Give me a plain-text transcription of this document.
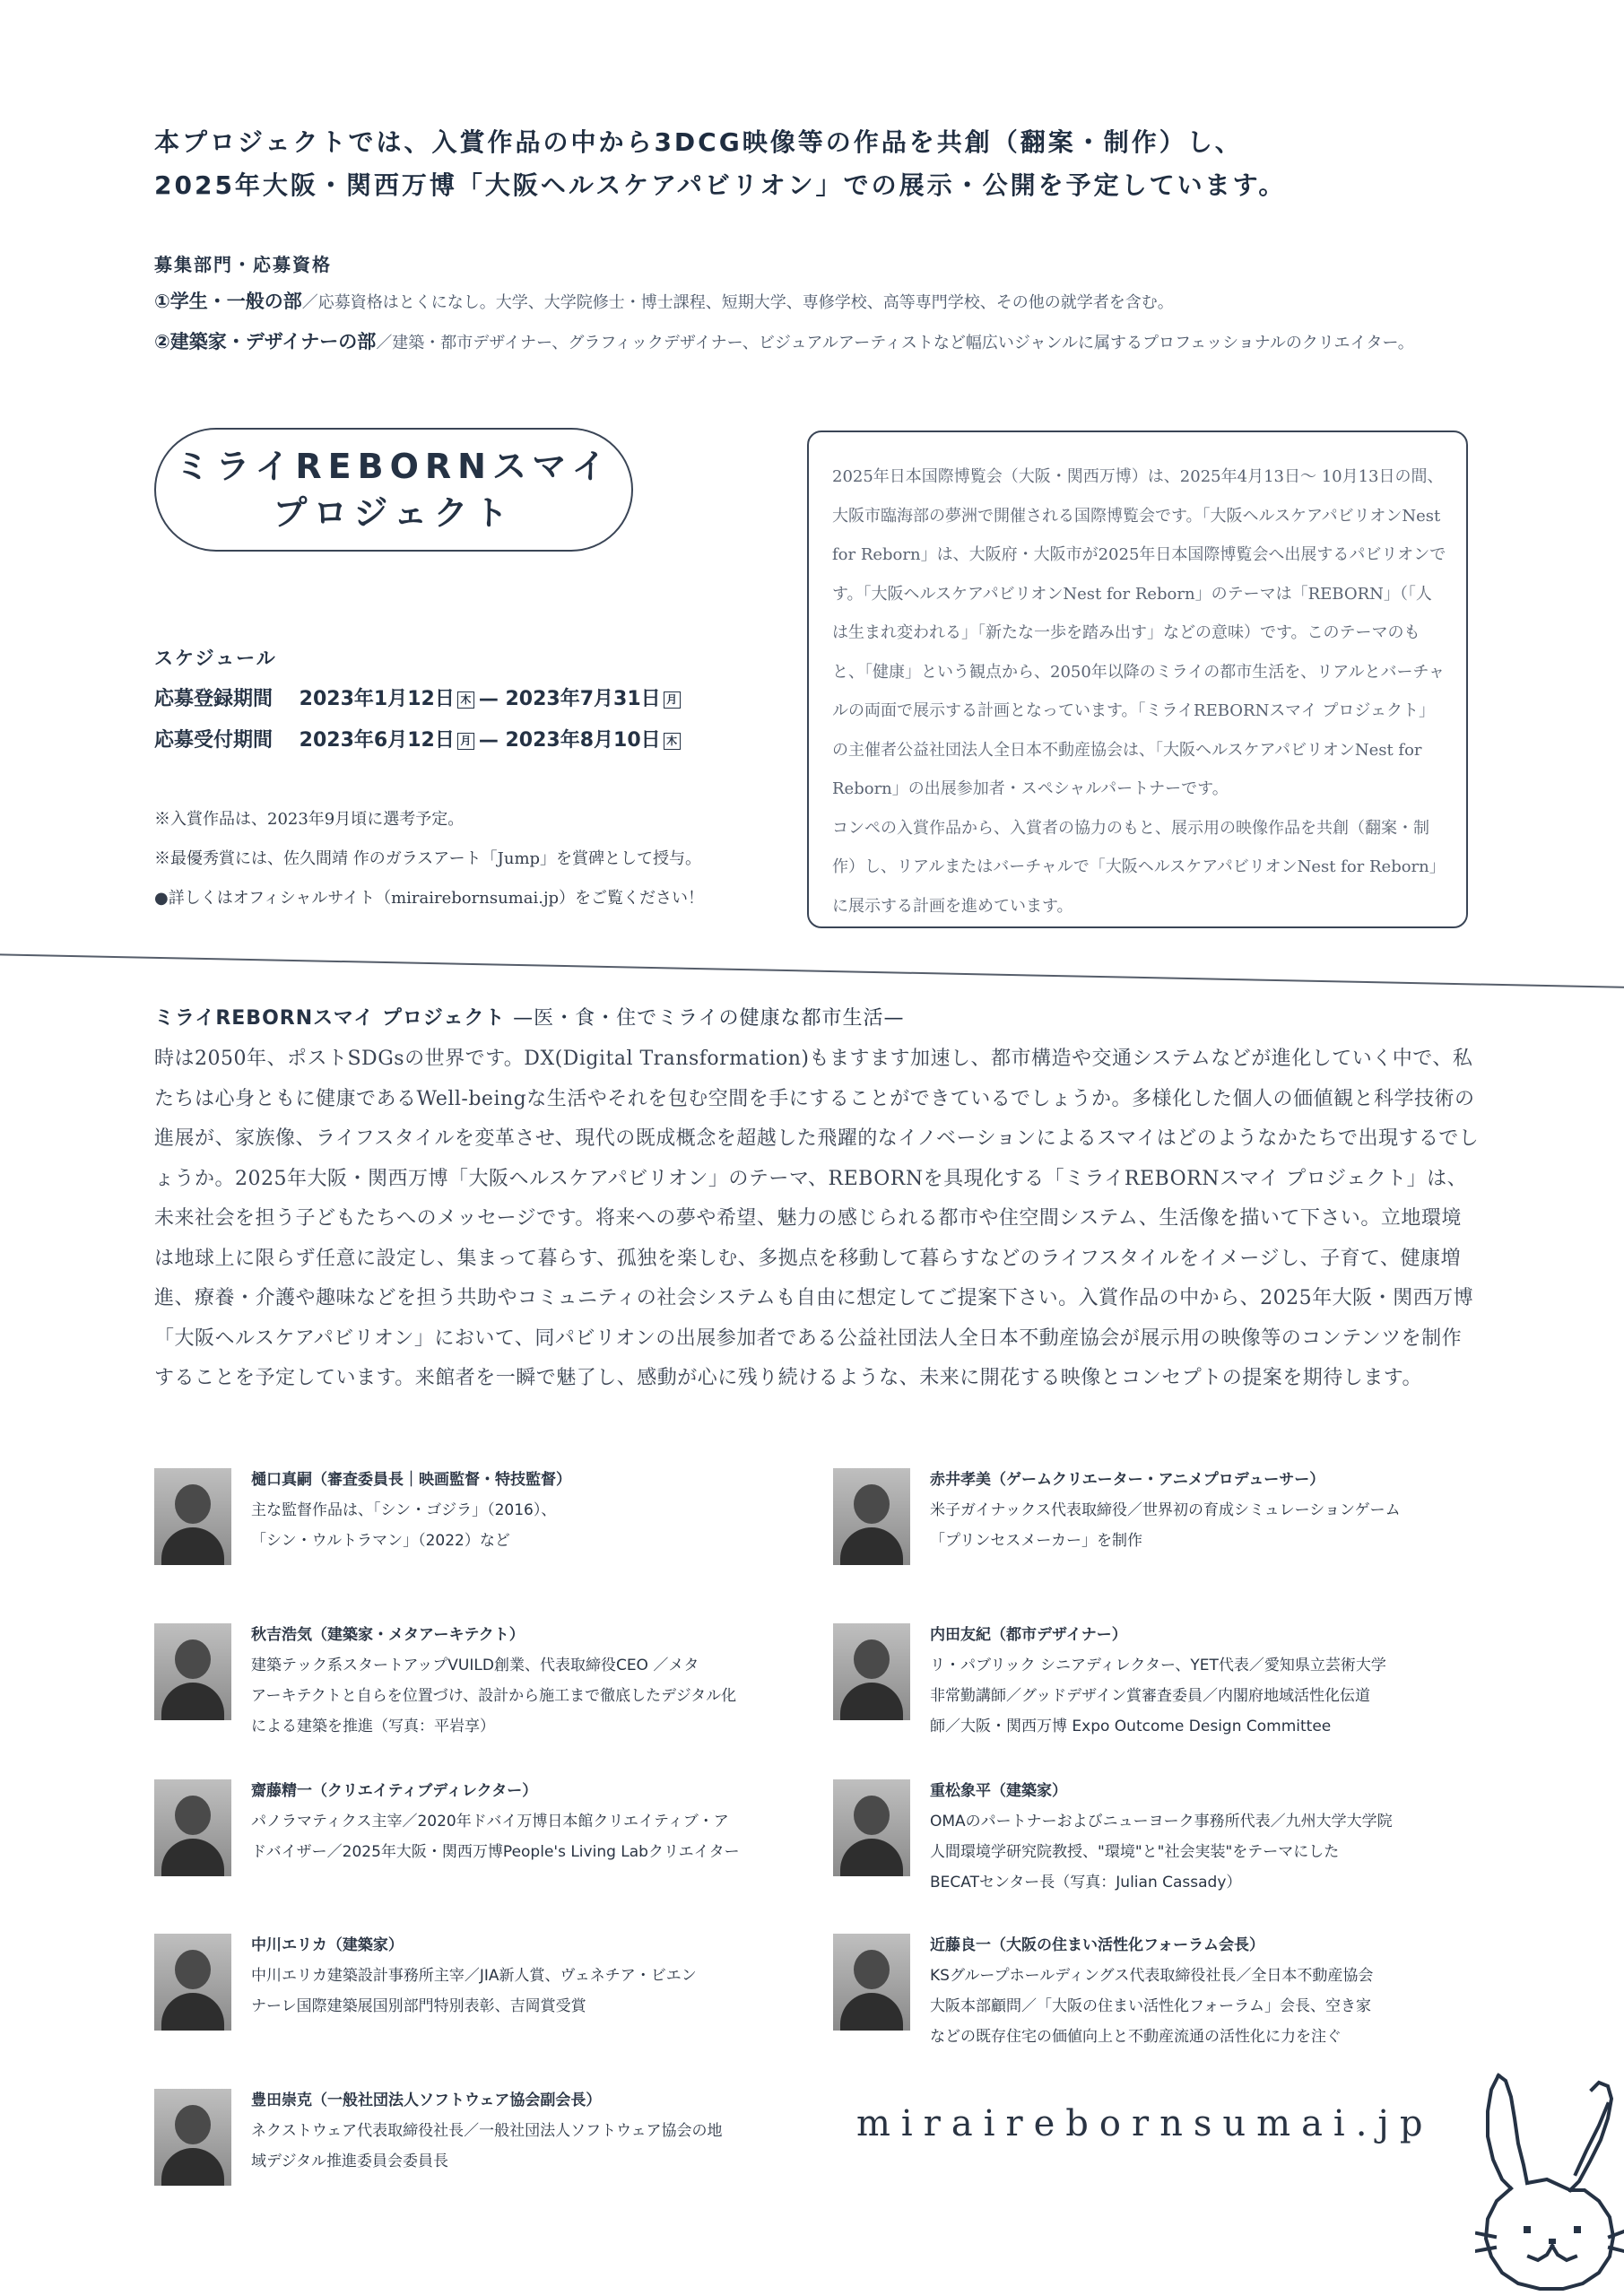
本プロジェクトでは、入賞作品の中から3DCG映像等の作品を共創（翻案・制作）し、
2025年大阪・関西万博「大阪ヘルスケアパビリオン」での展示・公開を予定しています。
募集部門・応募資格
①学生・一般の部／応募資格はとくになし。大学、大学院修士・博士課程、短期大学、専修学校、高等専門学校、その他の就学者を含む。
②建築家・デザイナーの部／建築・都市デザイナー、グラフィックデザイナー、ビジュアルアーティストなど幅広いジャンルに属するプロフェッショナルのクリエイター。
ミライREBORNスマイ
プロジェクト
スケジュール
応募登録期間 2023年1月12日 木 — 2023年7月31日 月
応募受付期間 2023年6月12日 月 — 2023年8月10日 木
※入賞作品は、2023年9月頃に選考予定。
※最優秀賞には、佐久間靖 作のガラスアート「Jump」を賞碑として授与。
●詳しくはオフィシャルサイト（mirairebornsumai.jp）をご覧ください！

2025年日本国際博覧会（大阪・関西万博）は、2025年4月13日～ 10月13日の間、大阪市臨海部の夢洲で開催される国際博覧会です。「大阪ヘルスケアパビリオンNest for Reborn」は、大阪府・大阪市が2025年日本国際博覧会へ出展するパビリオンです。「大阪ヘルスケアパビリオンNest for Reborn」のテーマは「REBORN」（「人は生まれ変われる」「新たな一歩を踏み出す」などの意味）です。このテーマのもと、「健康」という観点から、2050年以降のミライの都市生活を、リアルとバーチャルの両面で展示する計画となっています。「ミライREBORNスマイ プロジェクト」の主催者公益社団法人全日本不動産協会は、「大阪ヘルスケアパビリオンNest for Reborn」の出展参加者・スペシャルパートナーです。

コンペの入賞作品から、入賞者の協力のもと、展示用の映像作品を共創（翻案・制作）し、リアルまたはバーチャルで「大阪ヘルスケアパビリオンNest for Reborn」に展示する計画を進めています。

ミライREBORNスマイ プロジェクト —医・食・住でミライの健康な都市生活—

時は2050年、ポストSDGsの世界です。DX(Digital Transformation)もますます加速し、都市構造や交通システムなどが進化していく中で、私たちは心身ともに健康であるWell-beingな生活やそれを包む空間を手にすることができているでしょうか。多様化した個人の価値観と科学技術の進展が、家族像、ライフスタイルを変革させ、現代の既成概念を超越した飛躍的なイノベーションによるスマイはどのようなかたちで出現するでしょうか。2025年大阪・関西万博「大阪ヘルスケアパビリオン」のテーマ、REBORNを具現化する「ミライREBORNスマイ プロジェクト」は、未来社会を担う子どもたちへのメッセージです。将来への夢や希望、魅力の感じられる都市や住空間システム、生活像を描いて下さい。立地環境は地球上に限らず任意に設定し、集まって暮らす、孤独を楽しむ、多拠点を移動して暮らすなどのライフスタイルをイメージし、子育て、健康増進、療養・介護や趣味などを担う共助やコミュニティの社会システムも自由に想定してご提案下さい。入賞作品の中から、2025年大阪・関西万博「大阪ヘルスケアパビリオン」において、同パビリオンの出展参加者である公益社団法人全日本不動産協会が展示用の映像等のコンテンツを制作することを予定しています。来館者を一瞬で魅了し、感動が心に残り続けるような、未来に開花する映像とコンセプトの提案を期待します。

樋口真嗣（審査委員長｜映画監督・特技監督）
主な監督作品は、「シン・ゴジラ」（2016）、
「シン・ウルトラマン」（2022）など
赤井孝美（ゲームクリエーター・アニメプロデューサー）
米子ガイナックス代表取締役／世界初の育成シミュレーションゲーム
「プリンセスメーカー」を制作
秋吉浩気（建築家・メタアーキテクト）
建築テック系スタートアップVUILD創業、代表取締役CEO ／メタ
アーキテクトと自らを位置づけ、設計から施工まで徹底したデジタル化
による建築を推進（写真：平岩享）
内田友紀（都市デザイナー）
リ・パブリック シニアディレクター、YET代表／愛知県立芸術大学
非常勤講師／グッドデザイン賞審査委員／内閣府地域活性化伝道
師／大阪・関西万博 Expo Outcome Design Committee
齋藤精一（クリエイティブディレクター）
パノラマティクス主宰／2020年ドバイ万博日本館クリエイティブ・ア
ドバイザー／2025年大阪・関西万博People's Living Labクリエイター
重松象平（建築家）
OMAのパートナーおよびニューヨーク事務所代表／九州大学大学院
人間環境学研究院教授、"環境"と"社会実装"をテーマにした
BECATセンター長（写真：Julian Cassady）
中川エリカ（建築家）
中川エリカ建築設計事務所主宰／JIA新人賞、ヴェネチア・ビエン
ナーレ国際建築展国別部門特別表彰、吉岡賞受賞
近藤良一（大阪の住まい活性化フォーラム会長）
KSグループホールディングス代表取締役社長／全日本不動産協会
大阪本部顧問／「大阪の住まい活性化フォーラム」会長、空き家
などの既存住宅の価値向上と不動産流通の活性化に力を注ぐ
豊田崇克（一般社団法人ソフトウェア協会副会長）
ネクストウェア代表取締役社長／一般社団法人ソフトウェア協会の地
域デジタル推進委員会委員長
mirairebornsumai.jp
